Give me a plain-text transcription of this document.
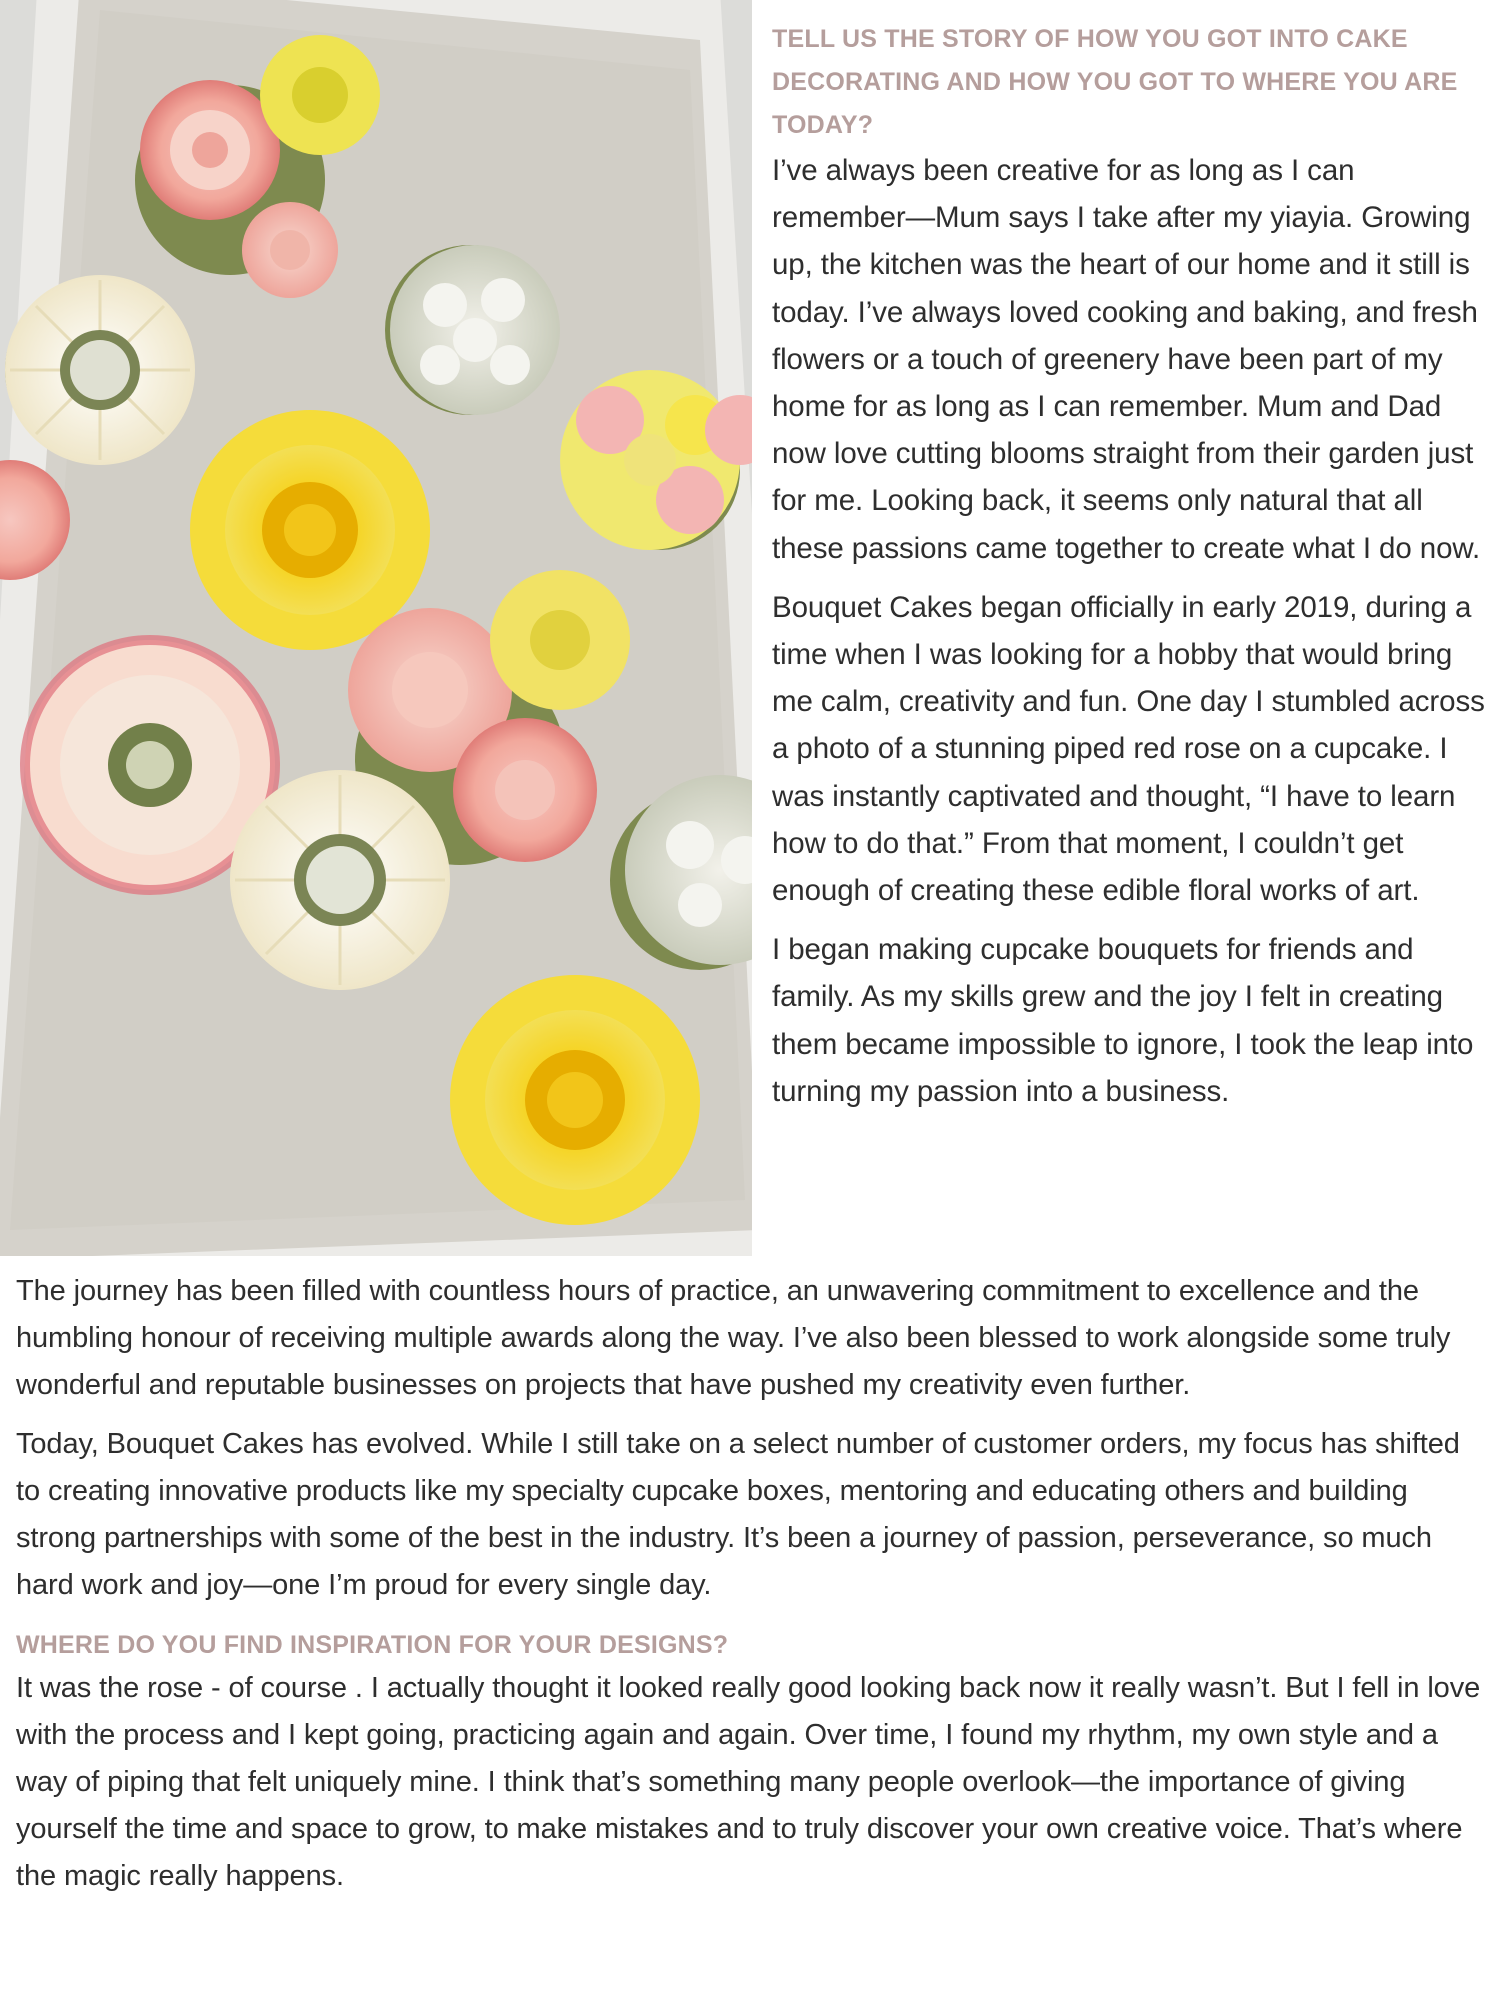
TELL US THE STORY OF HOW YOU GOT INTO CAKE DECORATING AND HOW YOU GOT TO WHERE YOU ARE TODAY?

I’ve always been creative for as long as I can remember—Mum says I take after my yiayia. Growing up, the kitchen was the heart of our home and it still is today. I’ve always loved cooking and baking, and fresh flowers or a touch of greenery have been part of my home for as long as I can remember. Mum and Dad now love cutting blooms straight from their garden just for me. Looking back, it seems only natural that all these passions came together to create what I do now.

Bouquet Cakes began officially in early 2019, during a time when I was looking for a hobby that would bring me calm, creativity and fun. One day I stumbled across a photo of a stunning piped red rose on a cupcake. I was instantly captivated and thought, “I have to learn how to do that.” From that moment, I couldn’t get enough of creating these edible floral works of art.

I began making cupcake bouquets for friends and family. As my skills grew and the joy I felt in creating them became impossible to ignore, I took the leap into turning my passion into a business.

The journey has been filled with countless hours of practice, an unwavering commitment to excellence and the humbling honour of receiving multiple awards along the way. I’ve also been blessed to work alongside some truly wonderful and reputable businesses on projects that have pushed my creativity even further.

Today, Bouquet Cakes has evolved. While I still take on a select number of customer orders, my focus has shifted to creating innovative products like my specialty cupcake boxes, mentoring and educating others and building strong partnerships with some of the best in the industry. It’s been a journey of passion, perseverance, so much hard work and joy—one I’m proud for every single day.

WHERE DO YOU FIND INSPIRATION FOR YOUR DESIGNS?

It was the rose - of course . I actually thought it looked really good looking back now it really wasn’t. But I fell in love with the process and I kept going, practicing again and again. Over time, I found my rhythm, my own style and a way of piping that felt uniquely mine. I think that’s something many people overlook—the importance of giving yourself the time and space to grow, to make mistakes and to truly discover your own creative voice. That’s where the magic really happens.
